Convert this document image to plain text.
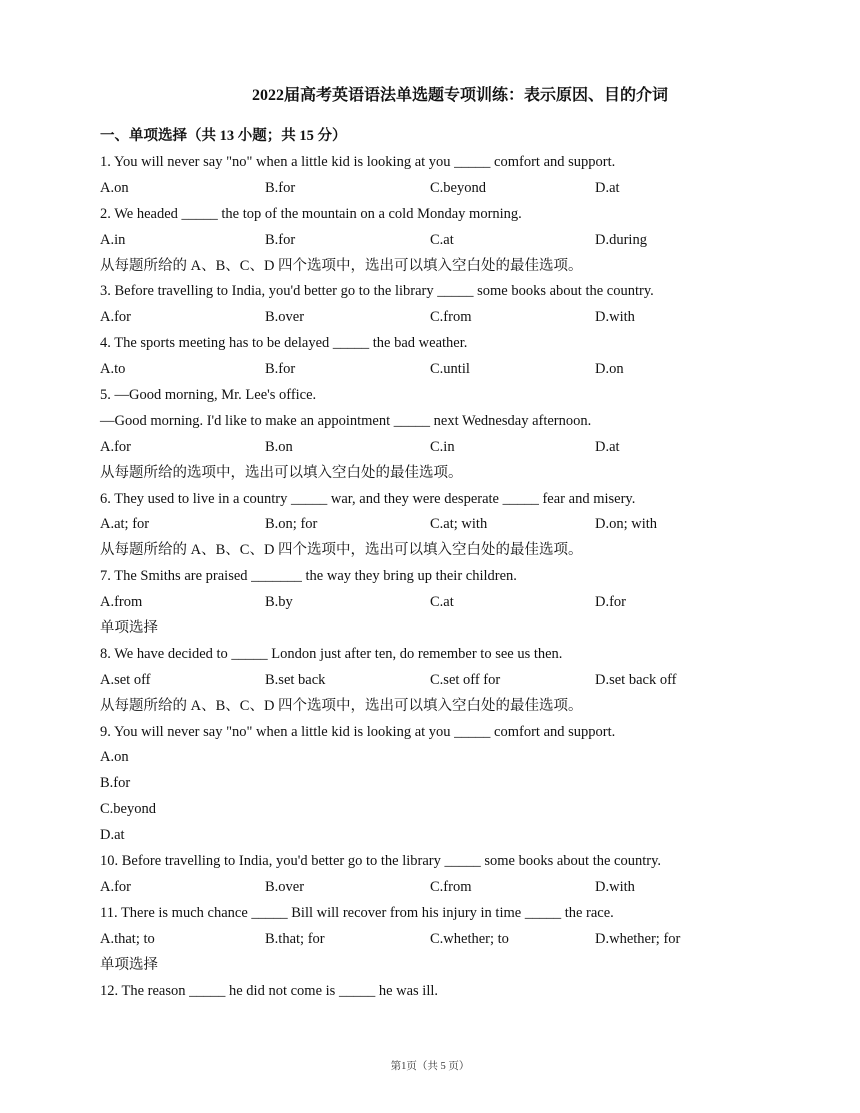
2022届高考英语语法单选题专项训练：表示原因、目的介词
一、单项选择（共 13 小题；共 15 分）
1. You will never say "no" when a little kid is looking at you _____ comfort and support.
A.on	B.for	C.beyond	D.at
2. We headed _____ the top of the mountain on a cold Monday morning.
A.in	B.for	C.at	D.during
从每题所给的 A、B、C、D 四个选项中，选出可以填入空白处的最佳选项。
3. Before travelling to India, you'd better go to the library _____ some books about the country.
A.for	B.over	C.from	D.with
4. The sports meeting has to be delayed _____ the bad weather.
A.to	B.for	C.until	D.on
5. —Good morning, Mr. Lee's office.
—Good morning. I'd like to make an appointment _____ next Wednesday afternoon.
A.for	B.on	C.in	D.at
从每题所给的选项中，选出可以填入空白处的最佳选项。
6. They used to live in a country _____ war, and they were desperate _____ fear and misery.
A.at; for	B.on; for	C.at; with	D.on; with
从每题所给的 A、B、C、D 四个选项中，选出可以填入空白处的最佳选项。
7. The Smiths are praised _______ the way they bring up their children.
A.from	B.by	C.at	D.for
单项选择
8. We have decided to _____ London just after ten, do remember to see us then.
A.set off	B.set back	C.set off for	D.set back off
从每题所给的 A、B、C、D 四个选项中，选出可以填入空白处的最佳选项。
9. You will never say "no" when a little kid is looking at you _____ comfort and support.
A.on
B.for
C.beyond
D.at
10. Before travelling to India, you'd better go to the library _____ some books about the country.
A.for	B.over	C.from	D.with
11. There is much chance _____ Bill will recover from his injury in time _____ the race.
A.that; to	B.that; for	C.whether; to	D.whether; for
单项选择
12. The reason _____ he did not come is _____ he was ill.
第1页（共 5 页）
